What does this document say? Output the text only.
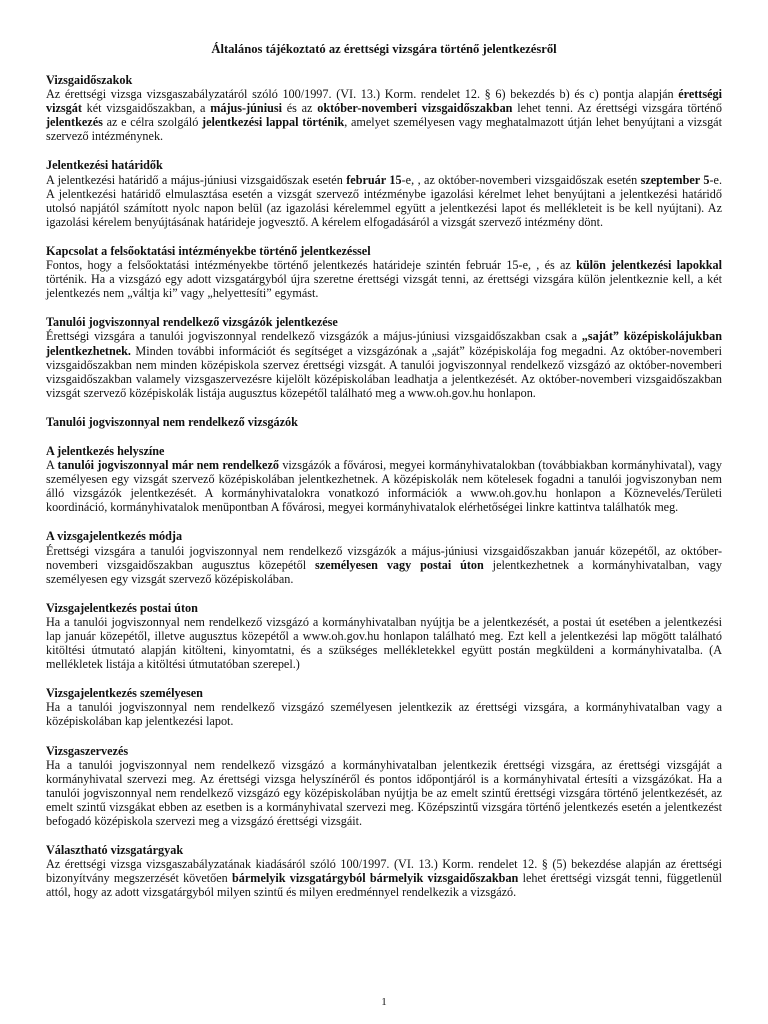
Általános tájékoztató az érettségi vizsgára történő jelentkezésről
Vizsgaidőszakok

Az érettségi vizsga vizsgaszabályzatáról szóló 100/1997. (VI. 13.) Korm. rendelet 12. § 6) bekezdés b) és c) pontja alapján érettségi vizsgát két vizsgaidőszakban, a május-júniusi és az október-novemberi vizsgaidőszakban lehet tenni. Az érettségi vizsgára történő jelentkezés az e célra szolgáló jelentkezési lappal történik, amelyet személyesen vagy meghatalmazott útján lehet benyújtani a vizsgát szervező intézménynek.

Jelentkezési határidők

A jelentkezési határidő a május-júniusi vizsgaidőszak esetén február 15-e, , az október-novemberi vizsgaidőszak esetén szeptember 5-e. A jelentkezési határidő elmulasztása esetén a vizsgát szervező intézménybe igazolási kérelmet lehet benyújtani a jelentkezési határidő utolsó napjától számított nyolc napon belül (az igazolási kérelemmel együtt a jelentkezési lapot és mellékleteit is be kell nyújtani). Az igazolási kérelem benyújtásának határideje jogvesztő. A kérelem elfogadásáról a vizsgát szervező intézmény dönt.

Kapcsolat a felsőoktatási intézményekbe történő jelentkezéssel

Fontos, hogy a felsőoktatási intézményekbe történő jelentkezés határideje szintén február 15-e, , és az külön jelentkezési lapokkal történik. Ha a vizsgázó egy adott vizsgatárgyból újra szeretne érettségi vizsgát tenni, az érettségi vizsgára külön jelentkeznie kell, a két jelentkezés nem „váltja ki” vagy „helyettesíti” egymást.

Tanulói jogviszonnyal rendelkező vizsgázók jelentkezése

Érettségi vizsgára a tanulói jogviszonnyal rendelkező vizsgázók a május-júniusi vizsgaidőszakban csak a „saját” középiskolájukban jelentkezhetnek. Minden további információt és segítséget a vizsgázónak a „saját” középiskolája fog megadni. Az október-novemberi vizsgaidőszakban nem minden középiskola szervez érettségi vizsgát. A tanulói jogviszonnyal rendelkező vizsgázó az október-novemberi vizsgaidőszakban valamely vizsgaszervezésre kijelölt középiskolában leadhatja a jelentkezését. Az október-novemberi vizsgaidőszakban vizsgát szervező középiskolák listája augusztus közepétől található meg a www.oh.gov.hu honlapon.

Tanulói jogviszonnyal nem rendelkező vizsgázók
A jelentkezés helyszíne

A tanulói jogviszonnyal már nem rendelkező vizsgázók a fővárosi, megyei kormányhivatalokban (továbbiakban kormányhivatal), vagy személyesen egy vizsgát szervező középiskolában jelentkezhetnek. A középiskolák nem kötelesek fogadni a tanulói jogviszonyban nem álló vizsgázók jelentkezését. A kormányhivatalokra vonatkozó információk a www.oh.gov.hu honlapon a Köznevelés/Területi koordináció, kormányhivatalok menüpontban A fővárosi, megyei kormányhivatalok elérhetőségei linkre kattintva találhatók meg.

A vizsgajelentkezés módja

Érettségi vizsgára a tanulói jogviszonnyal nem rendelkező vizsgázók a május-júniusi vizsgaidőszakban január közepétől, az október-novemberi vizsgaidőszakban augusztus közepétől személyesen vagy postai úton jelentkezhetnek a kormányhivatalban, vagy személyesen egy vizsgát szervező középiskolában.

Vizsgajelentkezés postai úton

Ha a tanulói jogviszonnyal nem rendelkező vizsgázó a kormányhivatalban nyújtja be a jelentkezését, a postai út esetében a jelentkezési lap január közepétől, illetve augusztus közepétől a www.oh.gov.hu honlapon található meg. Ezt kell a jelentkezési lap mögött található kitöltési útmutató alapján kitölteni, kinyomtatni, és a szükséges mellékletekkel együtt postán megküldeni a kormányhivatalba. (A mellékletek listája a kitöltési útmutatóban szerepel.)

Vizsgajelentkezés személyesen

Ha a tanulói jogviszonnyal nem rendelkező vizsgázó személyesen jelentkezik az érettségi vizsgára, a kormányhivatalban vagy a középiskolában kap jelentkezési lapot.

Vizsgaszervezés

Ha a tanulói jogviszonnyal nem rendelkező vizsgázó a kormányhivatalban jelentkezik érettségi vizsgára, az érettségi vizsgáját a kormányhivatal szervezi meg. Az érettségi vizsga helyszínéről és pontos időpontjáról is a kormányhivatal értesíti a vizsgázókat. Ha a tanulói jogviszonnyal nem rendelkező vizsgázó egy középiskolában nyújtja be az emelt szintű érettségi vizsgára történő jelentkezését, az emelt szintű vizsgákat ebben az esetben is a kormányhivatal szervezi meg. Középszintű vizsgára történő jelentkezés esetén a jelentkezést befogadó középiskola szervezi meg a vizsgázó érettségi vizsgáit.

Választható vizsgatárgyak

Az érettségi vizsga vizsgaszabályzatának kiadásáról szóló 100/1997. (VI. 13.) Korm. rendelet 12. § (5) bekezdése alapján az érettségi bizonyítvány megszerzését követően bármelyik vizsgatárgyból bármelyik vizsgaidőszakban lehet érettségi vizsgát tenni, függetlenül attól, hogy az adott vizsgatárgyból milyen szintű és milyen eredménnyel rendelkezik a vizsgázó.

1
